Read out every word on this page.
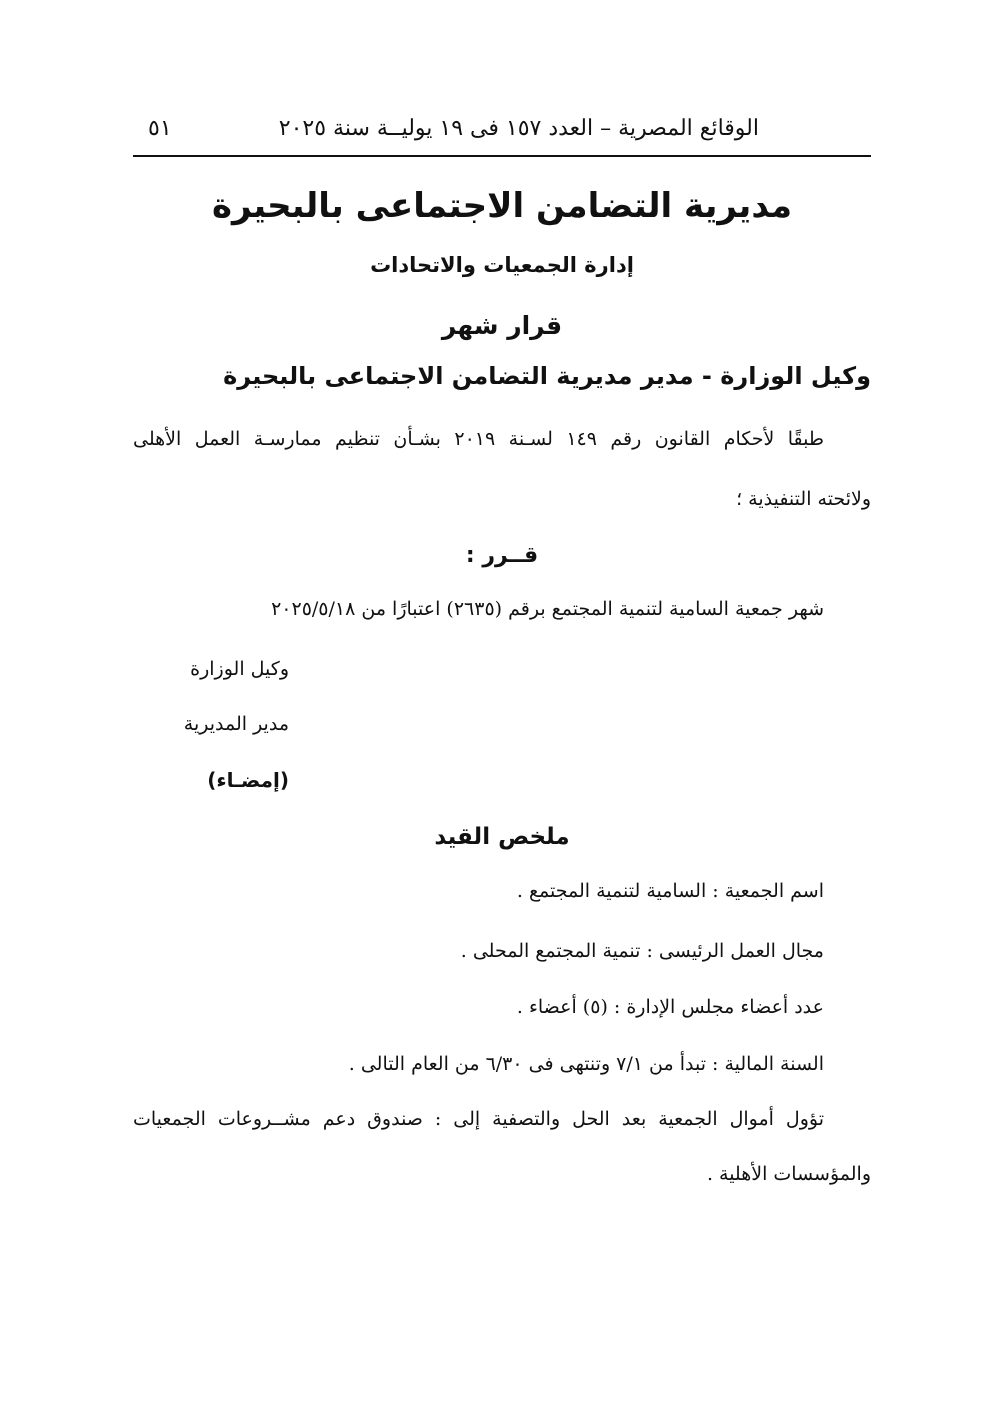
الوقائع المصرية – العدد ١٥٧ فى ١٩ يوليــة سنة ٢٠٢٥

٥١

مديرية التضامن الاجتماعى بالبحيرة

إدارة الجمعيات والاتحادات

قرار شهر

وكيل الوزارة - مدير مديرية التضامن الاجتماعى بالبحيرة

طبقًا لأحكام القانون رقم ١٤٩ لسـنة ٢٠١٩ بشـأن تنظيم ممارسـة العمل الأهلى

ولائحته التنفيذية ؛

قــرر :

شهر جمعية السامية لتنمية المجتمع برقم (٢٦٣٥) اعتبارًا من ٢٠٢٥/٥/١٨

وكيل الوزارة

مدير المديرية

(إمضـاء)

ملخص القيد

اسم الجمعية : السامية لتنمية المجتمع .

مجال العمل الرئيسى : تنمية المجتمع المحلى .

عدد أعضاء مجلس الإدارة : (٥) أعضاء .

السنة المالية : تبدأ من ٧/١ وتنتهى فى ٦/٣٠ من العام التالى .

تؤول أموال الجمعية بعد الحل والتصفية إلى : صندوق دعم مشــروعات الجمعيات

والمؤسسات الأهلية .
